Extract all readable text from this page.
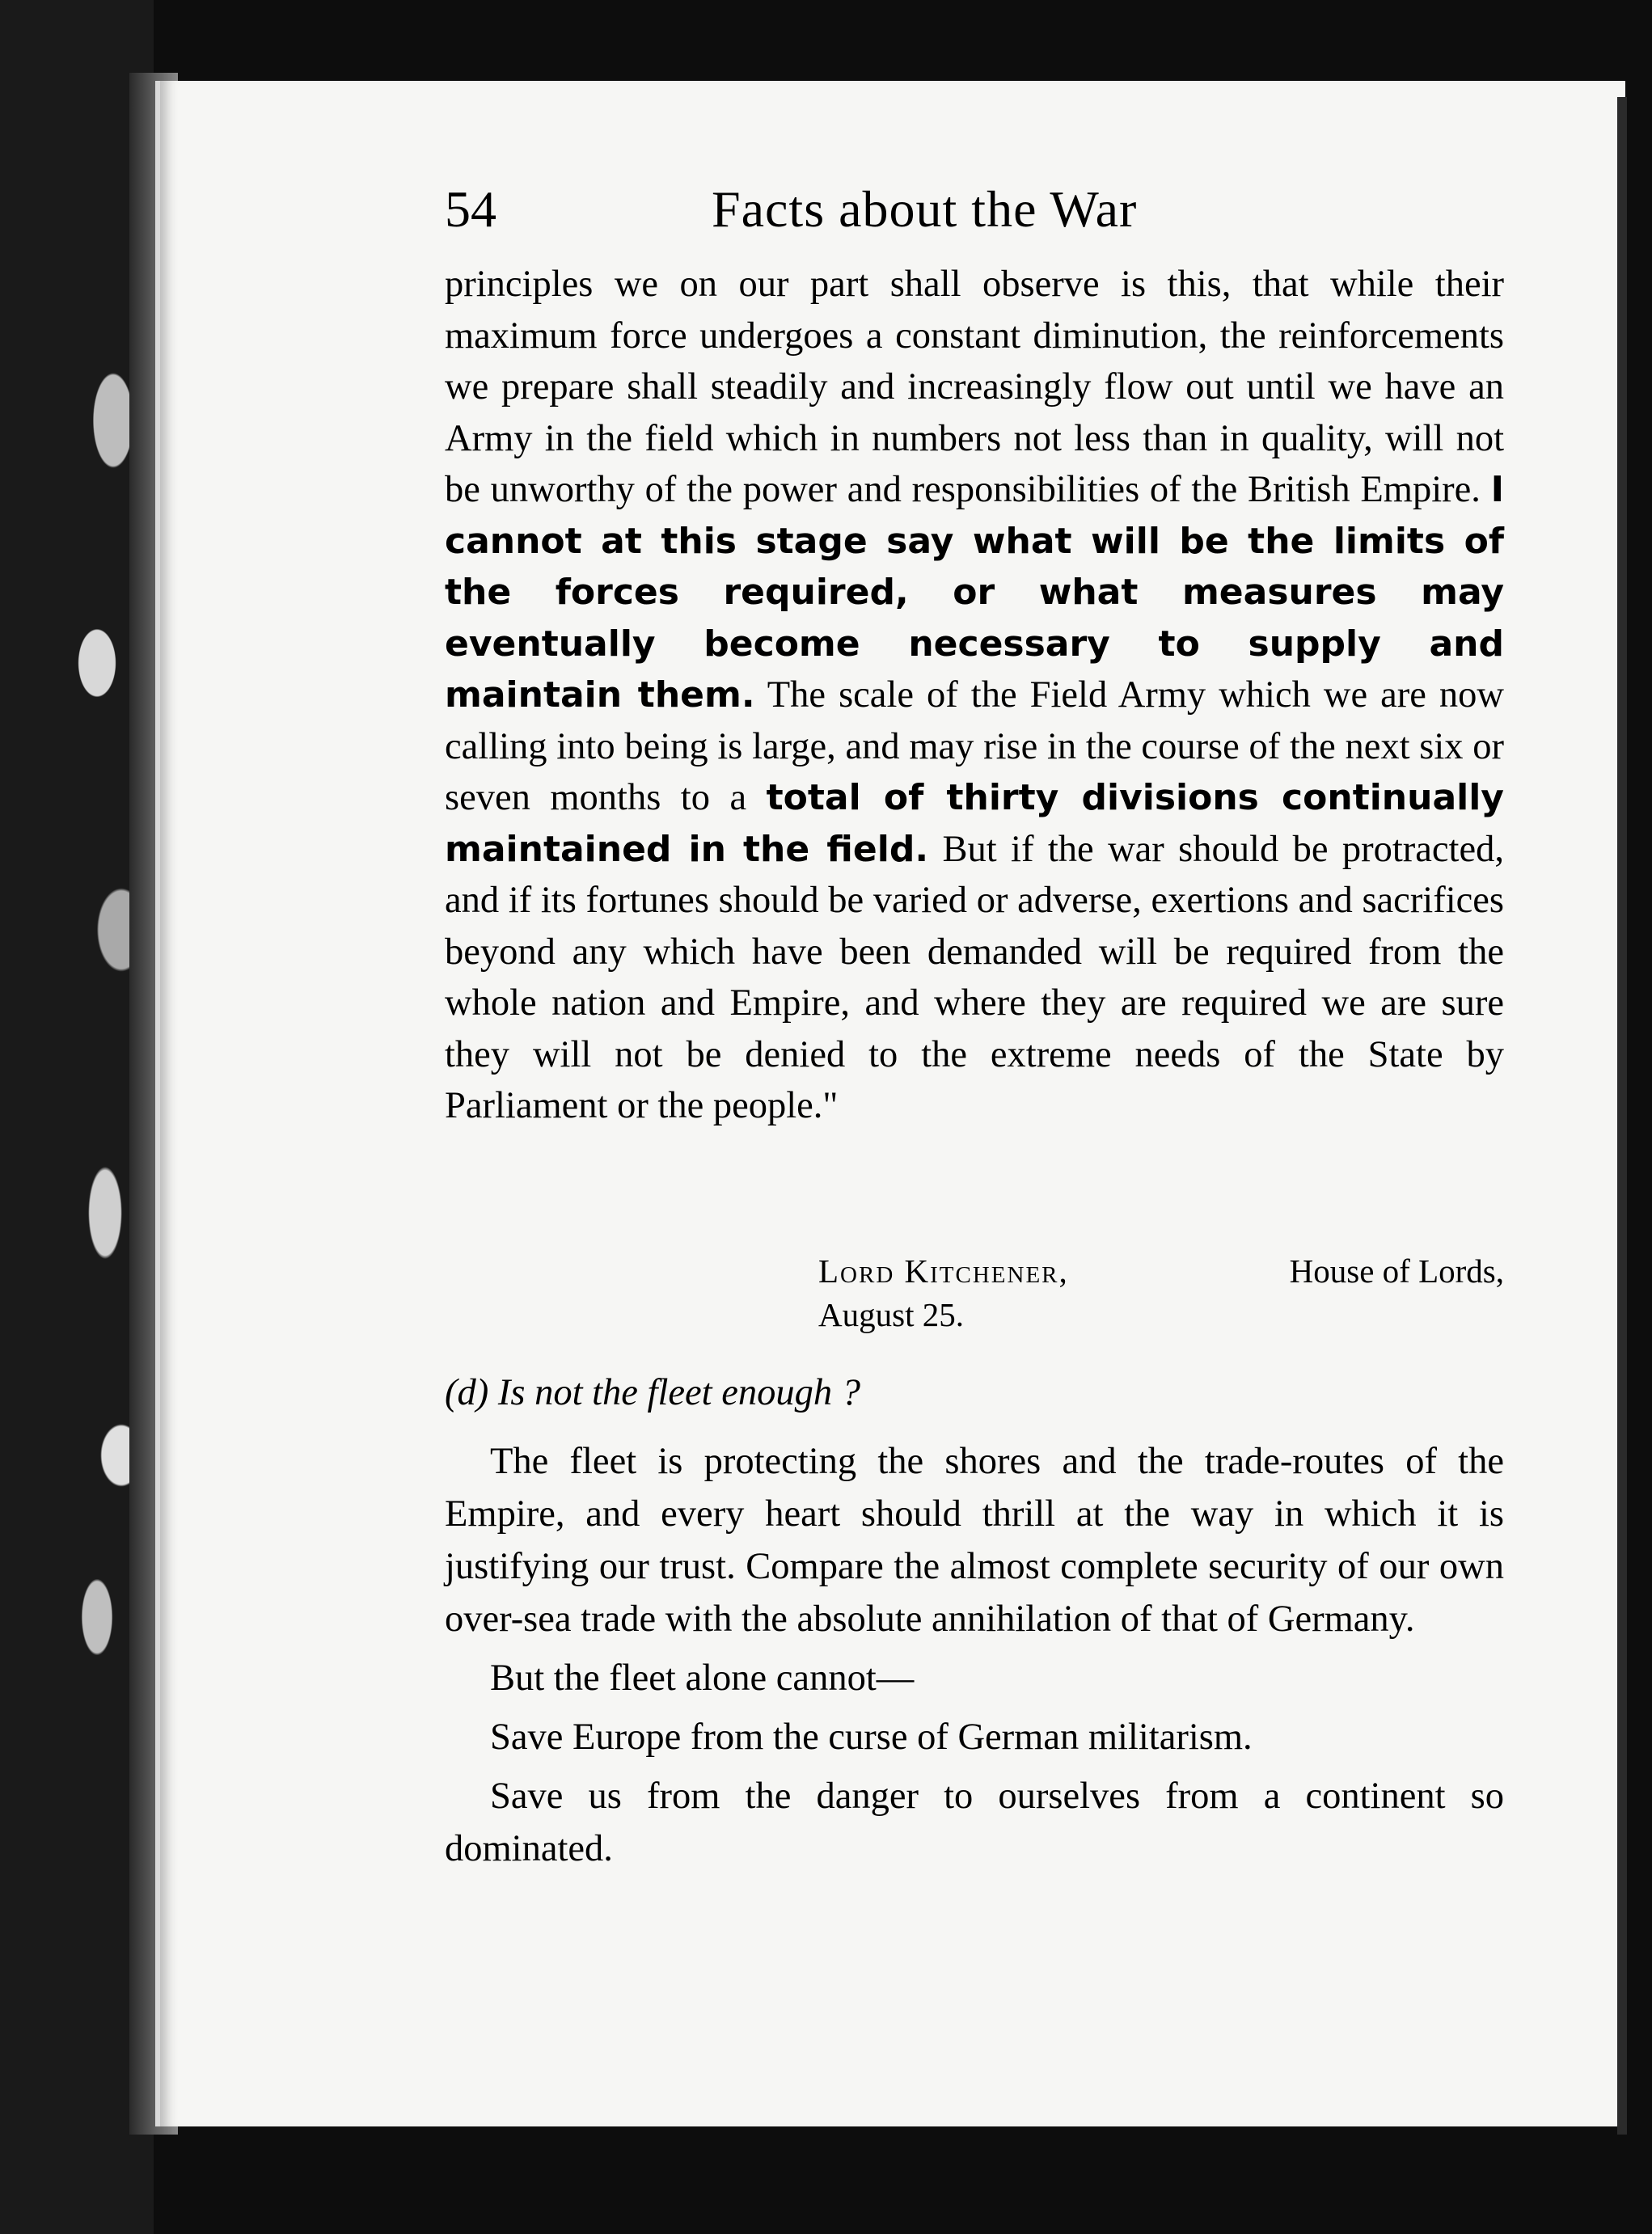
54	Facts about the War

principles we on our part shall observe is this, that while their maximum force undergoes a constant diminution, the reinforcements we prepare shall steadily and increasingly flow out until we have an Army in the field which in numbers not less than in quality, will not be unworthy of the power and responsibilities of the British Empire. I cannot at this stage say what will be the limits of the forces required, or what measures may eventually become necessary to supply and maintain them. The scale of the Field Army which we are now calling into being is large, and may rise in the course of the next six or seven months to a total of thirty divisions continually maintained in the field. But if the war should be protracted, and if its fortunes should be varied or adverse, exertions and sacrifices beyond any which have been demanded will be required from the whole nation and Empire, and where they are required we are sure they will not be denied to the extreme needs of the State by Parliament or the people."

Lord Kitchener,	House of Lords,
August 25.
(d) Is not the fleet enough ?

The fleet is protecting the shores and the trade-routes of the Empire, and every heart should thrill at the way in which it is justifying our trust. Compare the almost complete security of our own over-sea trade with the absolute annihilation of that of Germany.

But the fleet alone cannot—

Save Europe from the curse of German militarism.

Save us from the danger to ourselves from a continent so dominated.
